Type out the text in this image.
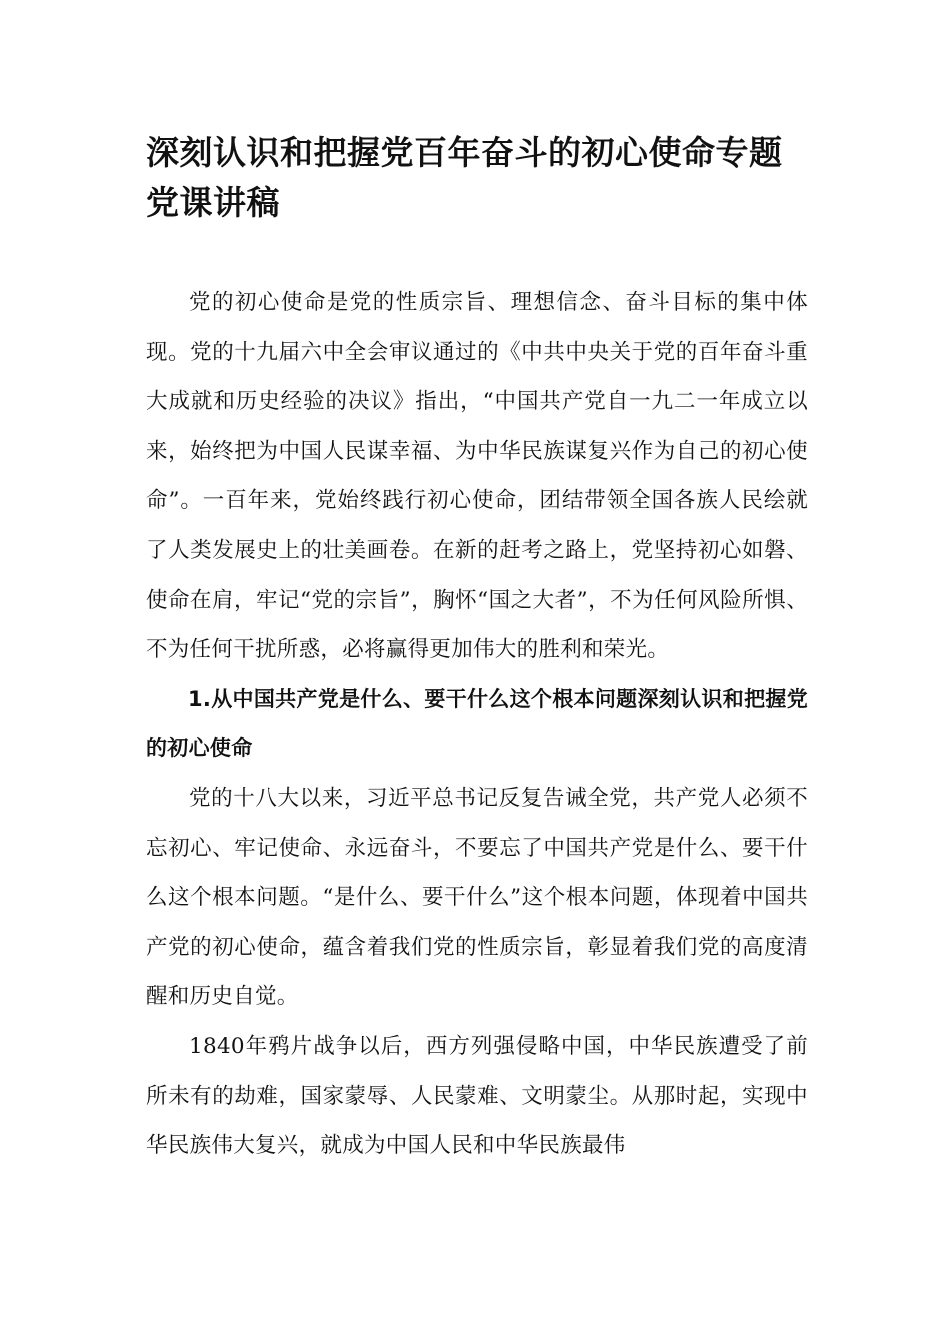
深刻认识和把握党百年奋斗的初心使命专题党课讲稿

党的初心使命是党的性质宗旨、理想信念、奋斗目标的集中体现。党的十九届六中全会审议通过的《中共中央关于党的百年奋斗重大成就和历史经验的决议》指出，“中国共产党自一九二一年成立以来，始终把为中国人民谋幸福、为中华民族谋复兴作为自己的初心使命”。一百年来，党始终践行初心使命，团结带领全国各族人民绘就了人类发展史上的壮美画卷。在新的赶考之路上，党坚持初心如磐、使命在肩，牢记“党的宗旨”，胸怀“国之大者”，不为任何风险所惧、不为任何干扰所惑，必将赢得更加伟大的胜利和荣光。

1.从中国共产党是什么、要干什么这个根本问题深刻认识和把握党的初心使命

党的十八大以来，习近平总书记反复告诫全党，共产党人必须不忘初心、牢记使命、永远奋斗，不要忘了中国共产党是什么、要干什么这个根本问题。“是什么、要干什么”这个根本问题，体现着中国共产党的初心使命，蕴含着我们党的性质宗旨，彰显着我们党的高度清醒和历史自觉。

1840年鸦片战争以后，西方列强侵略中国，中华民族遭受了前所未有的劫难，国家蒙辱、人民蒙难、文明蒙尘。从那时起，实现中华民族伟大复兴，就成为中国人民和中华民族最伟
